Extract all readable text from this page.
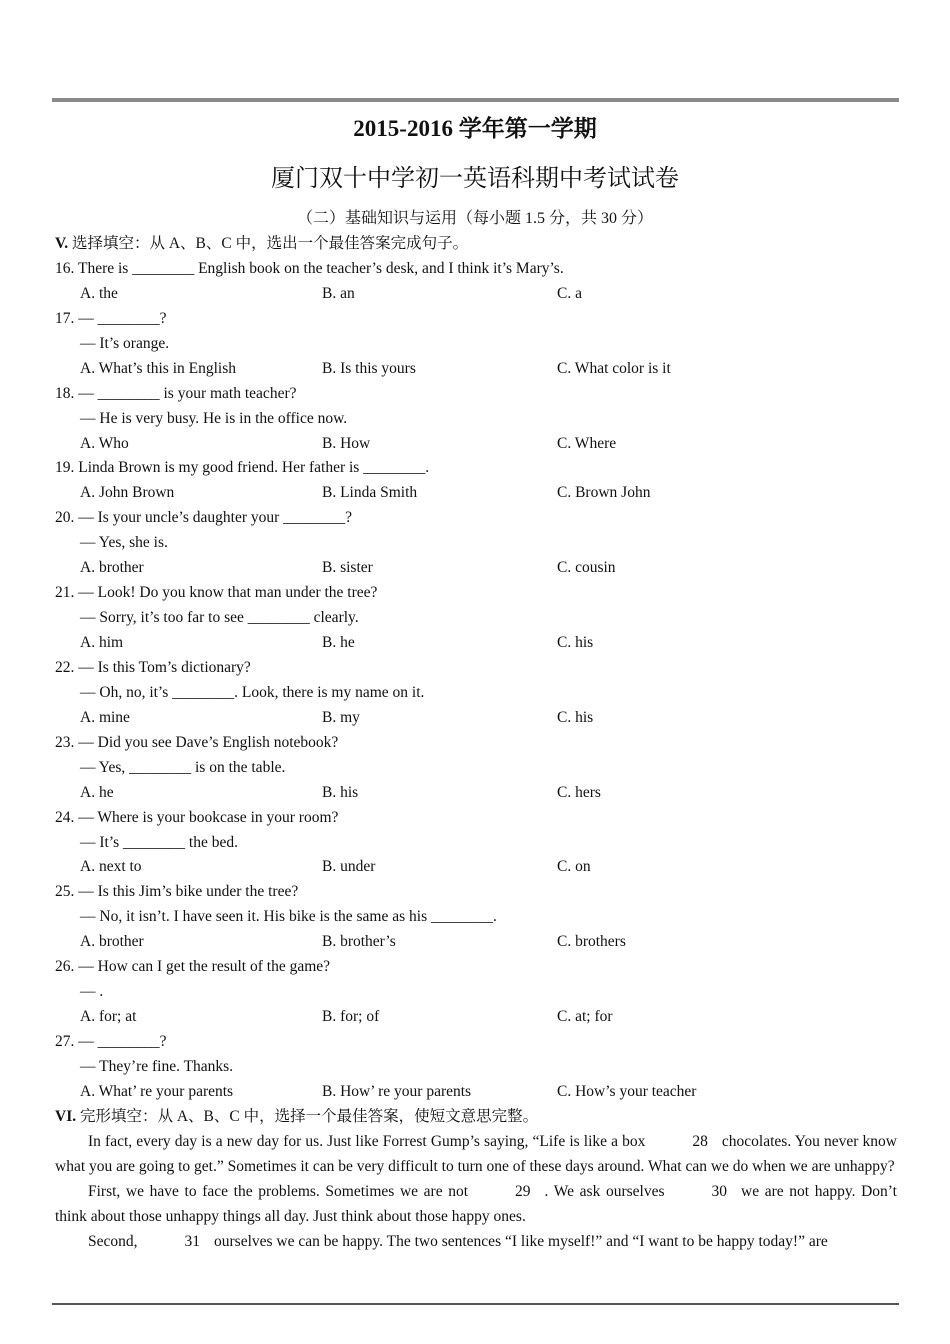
2015-2016 学年第一学期
厦门双十中学初一英语科期中考试试卷
（二）基础知识与运用（每小题 1.5 分，共 30 分）
V. 选择填空：从 A、B、C 中，选出一个最佳答案完成句子。
16. There is ________ English book on the teacher’s desk, and I think it’s Mary’s.
A. the	B. an	C. a
17. — ________?
— It’s orange.
A. What’s this in English	B. Is this yours	C. What color is it
18. — ________ is your math teacher?
— He is very busy. He is in the office now.
A. Who	B. How	C. Where
19. Linda Brown is my good friend. Her father is ________.
A. John Brown	B. Linda Smith	C. Brown John
20. — Is your uncle’s daughter your ________?
— Yes, she is.
A. brother	B. sister	C. cousin
21. — Look! Do you know that man under the tree?
— Sorry, it’s too far to see ________ clearly.
A. him	B. he	C. his
22. — Is this Tom’s dictionary?
— Oh, no, it’s ________. Look, there is my name on it.
A. mine	B. my	C. his
23. — Did you see Dave’s English notebook?
— Yes, ________ is on the table.
A. he	B. his	C. hers
24. — Where is your bookcase in your room?
— It’s ________ the bed.
A. next to	B. under	C. on
25. — Is this Jim’s bike under the tree?
— No, it isn’t. I have seen it. His bike is the same as his ________.
A. brother	B. brother’s	C. brothers
26. — How can I get the result of the game?
— .
A. for; at	B. for; of	C. at; for
27. — ________?
— They’re fine. Thanks.
A. What’ re your parents	B. How’ re your parents	C. How’s your teacher
VI. 完形填空：从 A、B、C 中，选择一个最佳答案，使短文意思完整。

In fact, every day is a new day for us. Just like Forrest Gump’s saying, “Life is like a box	28 chocolates. You never know what you are going to get.” Sometimes it can be very difficult to turn one of these days around. What can we do when we are unhappy?

First, we have to face the problems. Sometimes we are not	29 . We ask ourselves	30 we are not happy. Don’t think about those unhappy things all day. Just think about those happy ones.

Second,	31 ourselves we can be happy. The two sentences “I like myself!” and “I want to be happy today!” are
